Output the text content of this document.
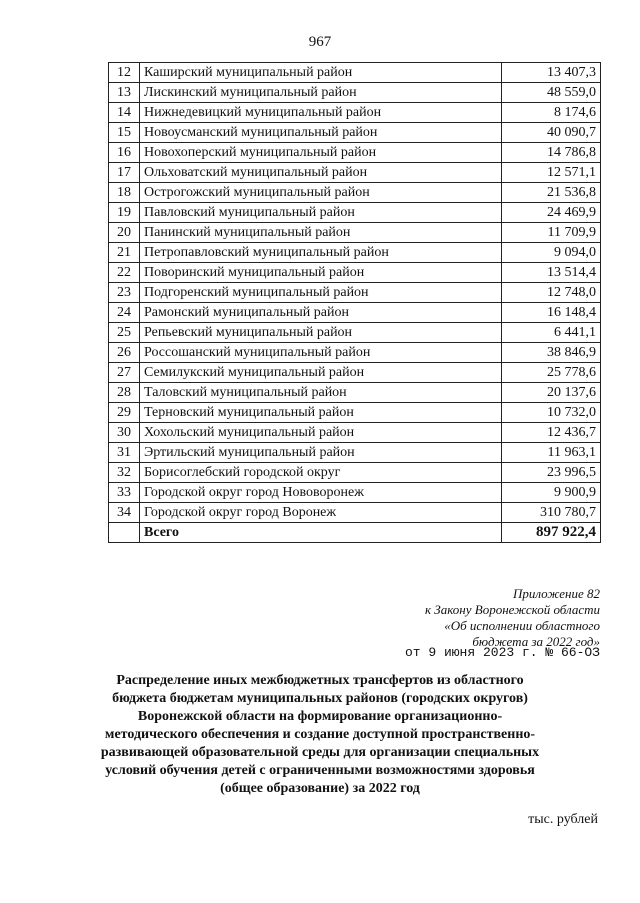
967
12	Каширский муниципальный район	13 407,3
13	Лискинский муниципальный район	48 559,0
14	Нижнедевицкий муниципальный район	8 174,6
15	Новоусманский муниципальный район	40 090,7
16	Новохоперский муниципальный район	14 786,8
17	Ольховатский муниципальный район	12 571,1
18	Острогожский муниципальный район	21 536,8
19	Павловский муниципальный район	24 469,9
20	Панинский муниципальный район	11 709,9
21	Петропавловский муниципальный район	9 094,0
22	Поворинский муниципальный район	13 514,4
23	Подгоренский муниципальный район	12 748,0
24	Рамонский муниципальный район	16 148,4
25	Репьевский муниципальный район	6 441,1
26	Россошанский муниципальный район	38 846,9
27	Семилукский муниципальный район	25 778,6
28	Таловский муниципальный район	20 137,6
29	Терновский муниципальный район	10 732,0
30	Хохольский муниципальный район	12 436,7
31	Эртильский муниципальный район	11 963,1
32	Борисоглебский городской округ	23 996,5
33	Городской округ город Нововоронеж	9 900,9
34	Городской округ город Воронеж	310 780,7
	Всего	897 922,4
Приложение 82
к Закону Воронежской области
«Об исполнении областного
бюджета за 2022 год»
от 9 июня 2023 г. № 66-ОЗ
Распределение иных межбюджетных трансфертов из областного
бюджета бюджетам муниципальных районов (городских округов)
Воронежской области на формирование организационно-
методического обеспечения и создание доступной пространственно-
развивающей образовательной среды для организации специальных
условий обучения детей с ограниченными возможностями здоровья
(общее образование) за 2022 год
тыс. рублей
